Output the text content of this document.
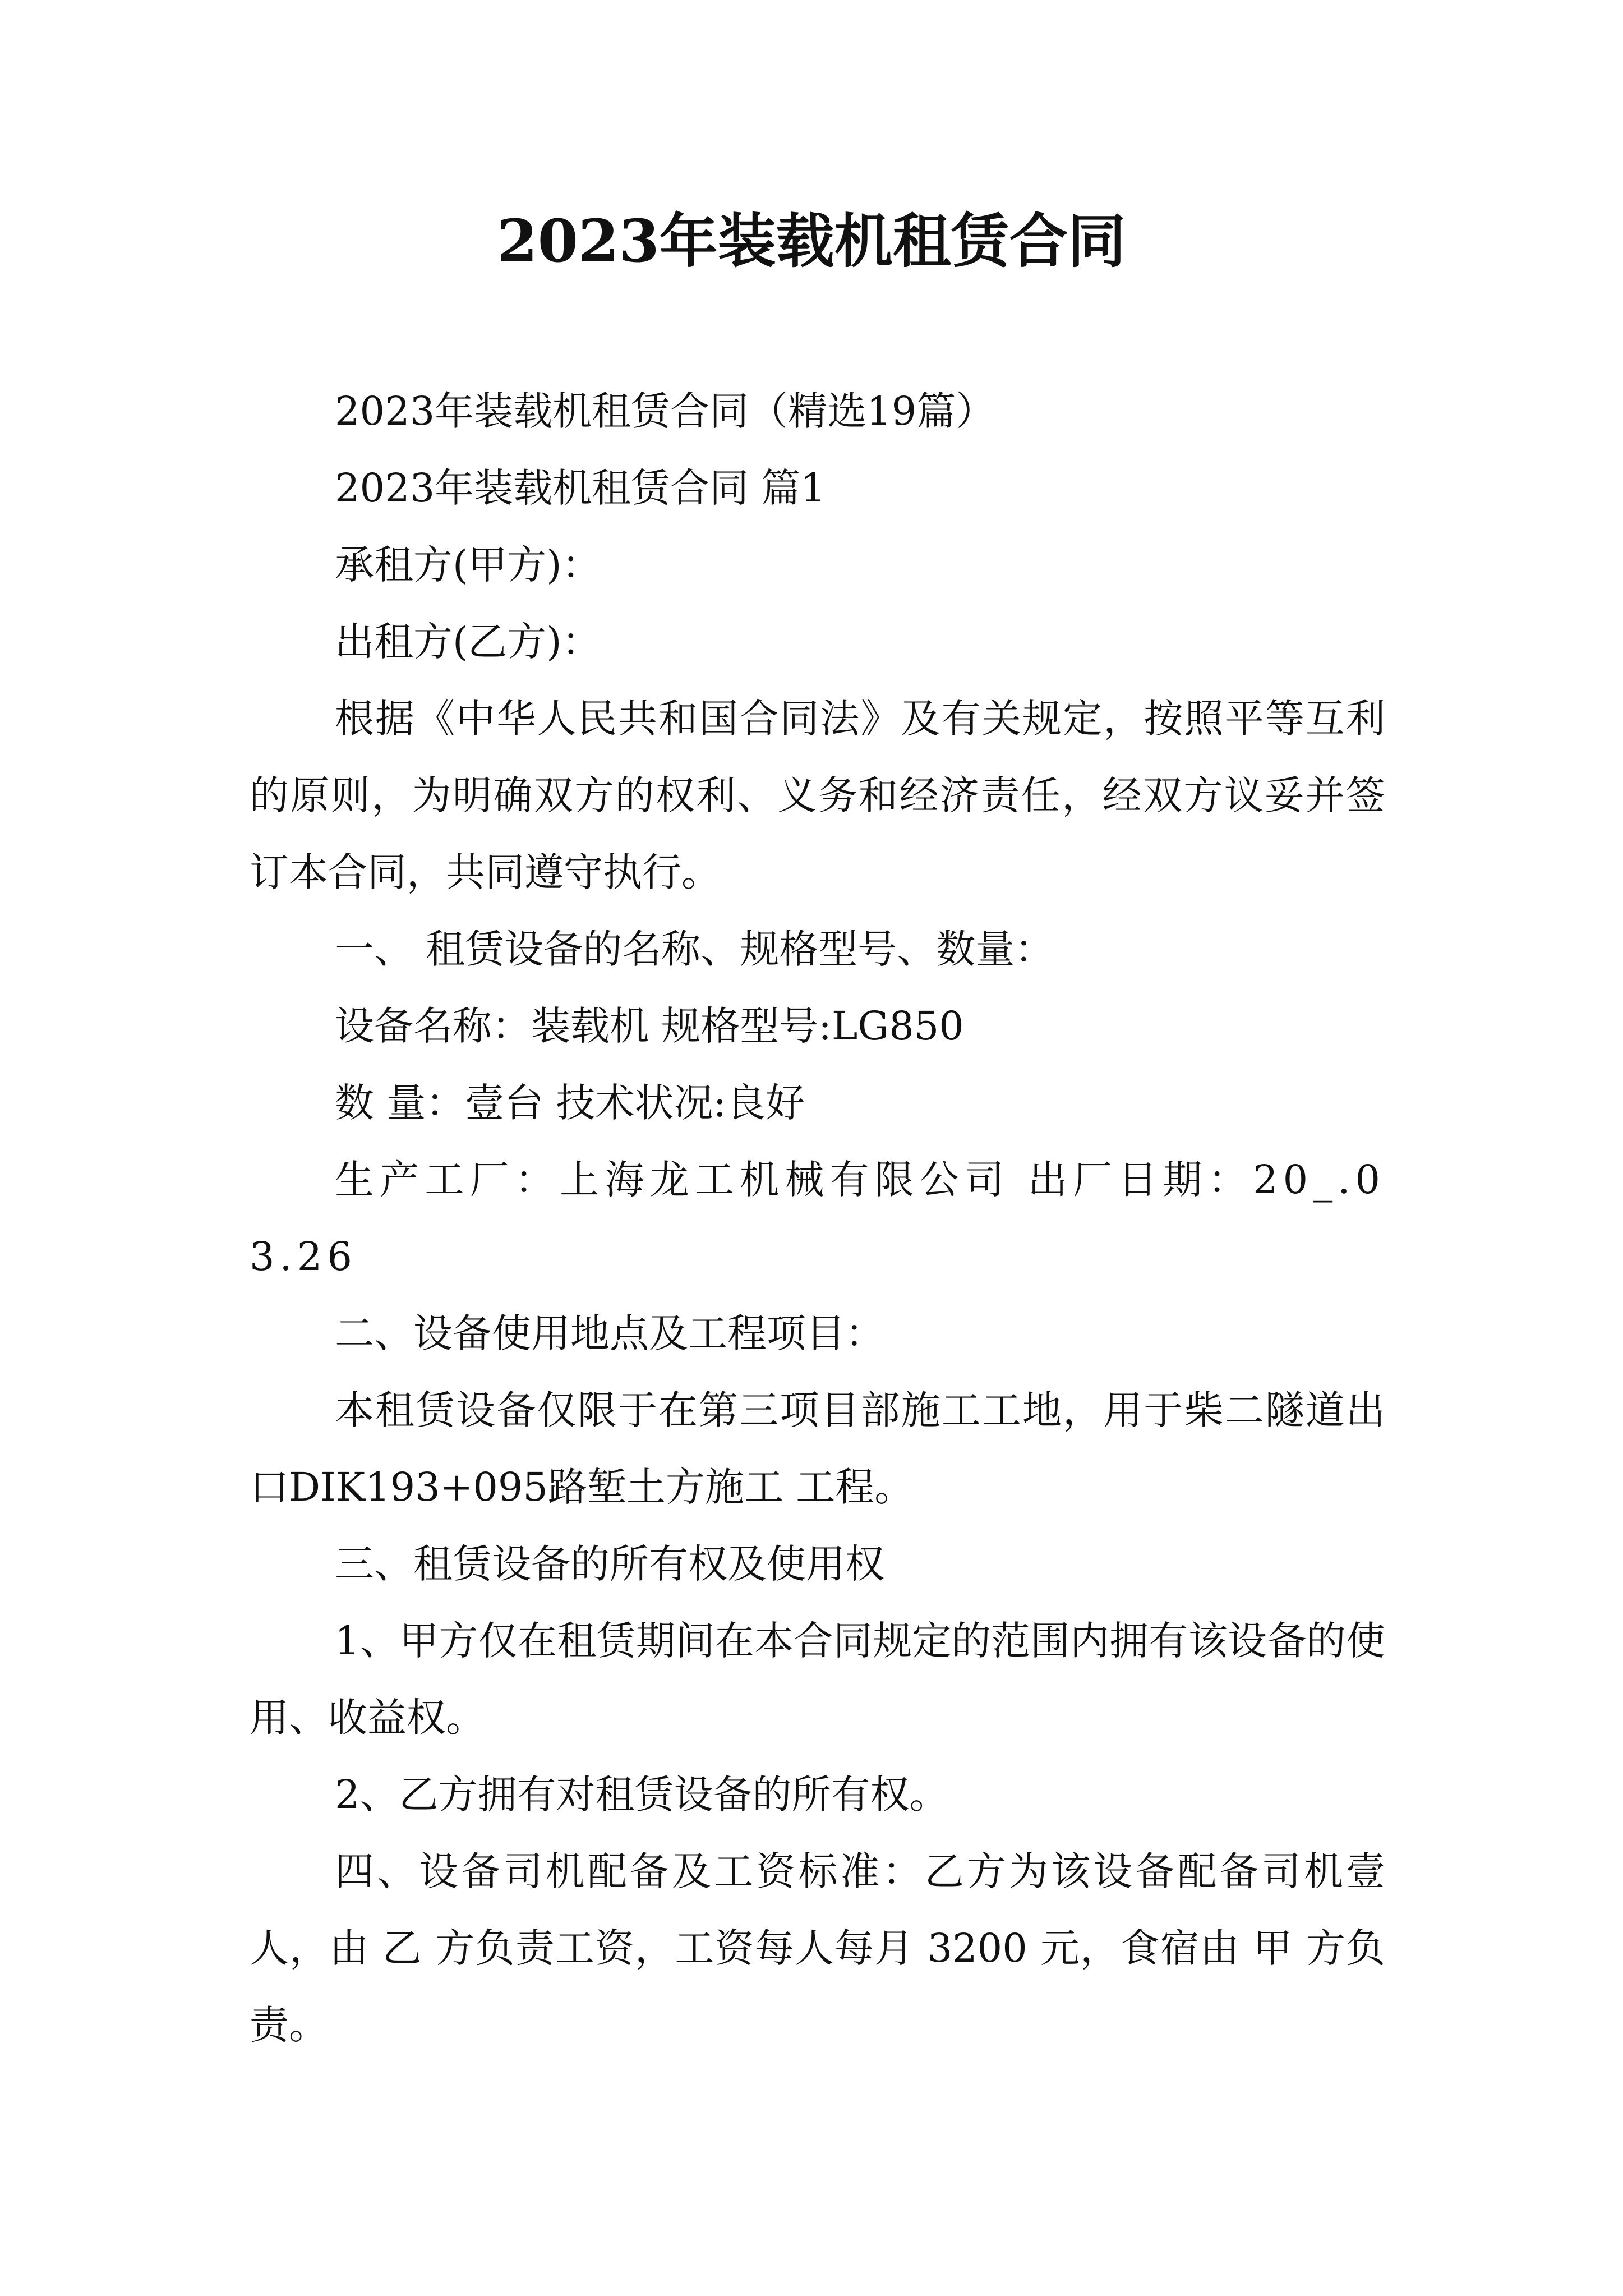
2023年装载机租赁合同

2023年装载机租赁合同（精选19篇）

2023年装载机租赁合同 篇1

承租方(甲方)：

出租方(乙方)：

根据《中华人民共和国合同法》及有关规定，按照平等互利的原则，为明确双方的权利、义务和经济责任，经双方议妥并签订本合同，共同遵守执行。

一、 租赁设备的名称、规格型号、数量：

设备名称：装载机 规格型号:LG850

数 量：壹台 技术状况:良好

生产工厂：上海龙工机械有限公司 出厂日期：20_.03.26

二、设备使用地点及工程项目：

本租赁设备仅限于在第三项目部施工工地，用于柴二隧道出口DIK193+095路堑土方施工 工程。

三、租赁设备的所有权及使用权

1、甲方仅在租赁期间在本合同规定的范围内拥有该设备的使用、收益权。

2、乙方拥有对租赁设备的所有权。

四、设备司机配备及工资标准：乙方为该设备配备司机壹 人，由 乙 方负责工资，工资每人每月 3200 元，食宿由 甲 方负责。
